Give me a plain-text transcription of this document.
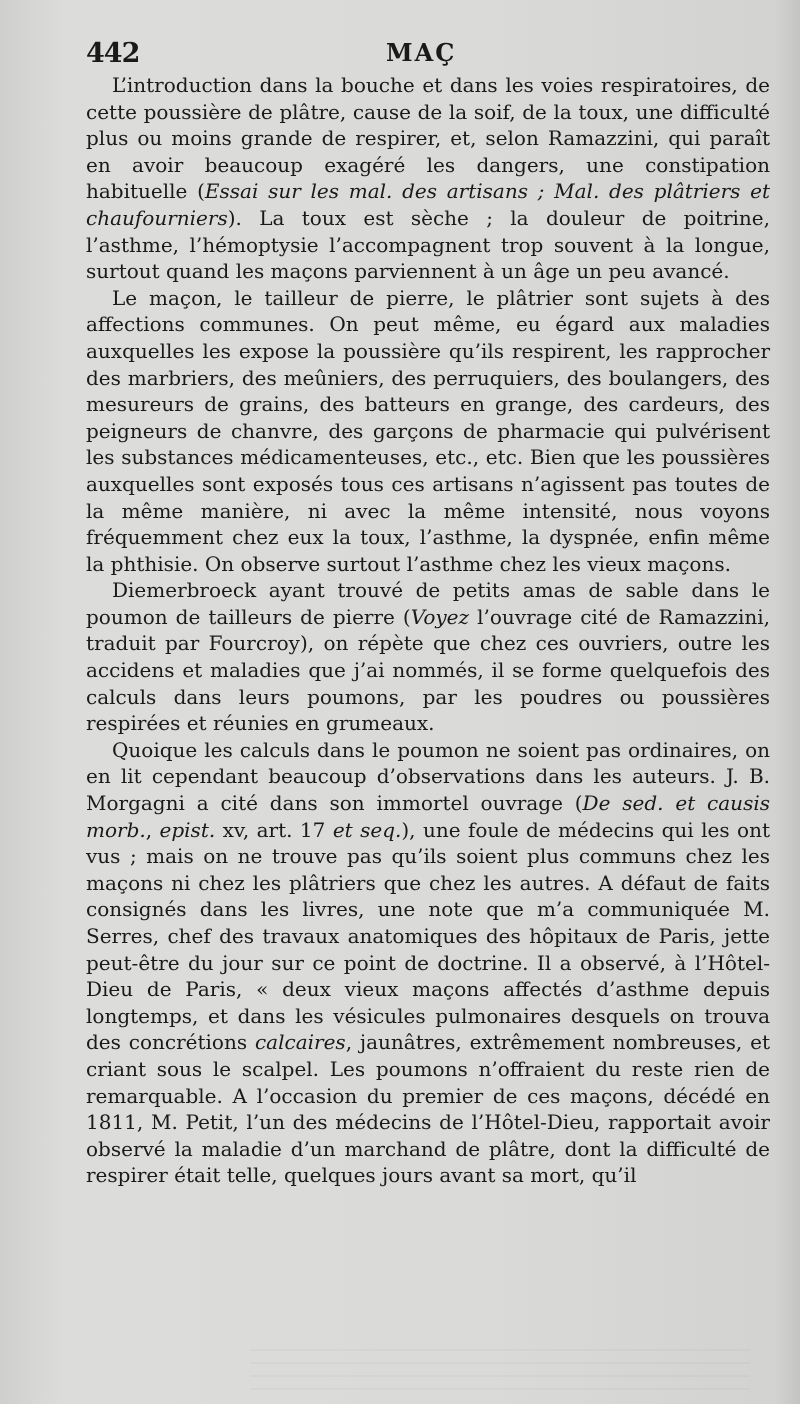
442	MAÇ

L’introduction dans la bouche et dans les voies respiratoires, de cette poussière de plâtre, cause de la soif, de la toux, une difficulté plus ou moins grande de respirer, et, selon Ramazzini, qui paraît en avoir beaucoup exagéré les dangers, une constipation habituelle (Essai sur les mal. des artisans ; Mal. des plâtriers et chaufourniers). La toux est sèche ; la douleur de poitrine, l’asthme, l’hémoptysie l’accompagnent trop souvent à la longue, surtout quand les maçons parviennent à un âge un peu avancé.

Le maçon, le tailleur de pierre, le plâtrier sont sujets à des affections communes. On peut même, eu égard aux maladies auxquelles les expose la poussière qu’ils respirent, les rapprocher des marbriers, des meûniers, des perruquiers, des boulangers, des mesureurs de grains, des batteurs en grange, des cardeurs, des peigneurs de chanvre, des garçons de pharmacie qui pulvérisent les substances médicamenteuses, etc., etc. Bien que les poussières auxquelles sont exposés tous ces artisans n’agissent pas toutes de la même manière, ni avec la même intensité, nous voyons fréquemment chez eux la toux, l’asthme, la dyspnée, enfin même la phthisie. On observe surtout l’asthme chez les vieux maçons.

Diemerbroeck ayant trouvé de petits amas de sable dans le poumon de tailleurs de pierre (Voyez l’ouvrage cité de Ramazzini, traduit par Fourcroy), on répète que chez ces ouvriers, outre les accidens et maladies que j’ai nommés, il se forme quelquefois des calculs dans leurs poumons, par les poudres ou poussières respirées et réunies en grumeaux.

Quoique les calculs dans le poumon ne soient pas ordinaires, on en lit cependant beaucoup d’observations dans les auteurs. J. B. Morgagni a cité dans son immortel ouvrage (De sed. et causis morb., epist. xv, art. 17 et seq.), une foule de médecins qui les ont vus ; mais on ne trouve pas qu’ils soient plus communs chez les maçons ni chez les plâtriers que chez les autres. A défaut de faits consignés dans les livres, une note que m’a communiquée M. Serres, chef des travaux anatomiques des hôpitaux de Paris, jette peut-être du jour sur ce point de doctrine. Il a observé, à l’Hôtel-Dieu de Paris, « deux vieux maçons affectés d’asthme depuis longtemps, et dans les vésicules pulmonaires desquels on trouva des concrétions calcaires, jaunâtres, extrêmement nombreuses, et criant sous le scalpel. Les poumons n’offraient du reste rien de remarquable. A l’occasion du premier de ces maçons, décédé en 1811, M. Petit, l’un des médecins de l’Hôtel-Dieu, rapportait avoir observé la maladie d’un marchand de plâtre, dont la difficulté de respirer était telle, quelques jours avant sa mort, qu’il
